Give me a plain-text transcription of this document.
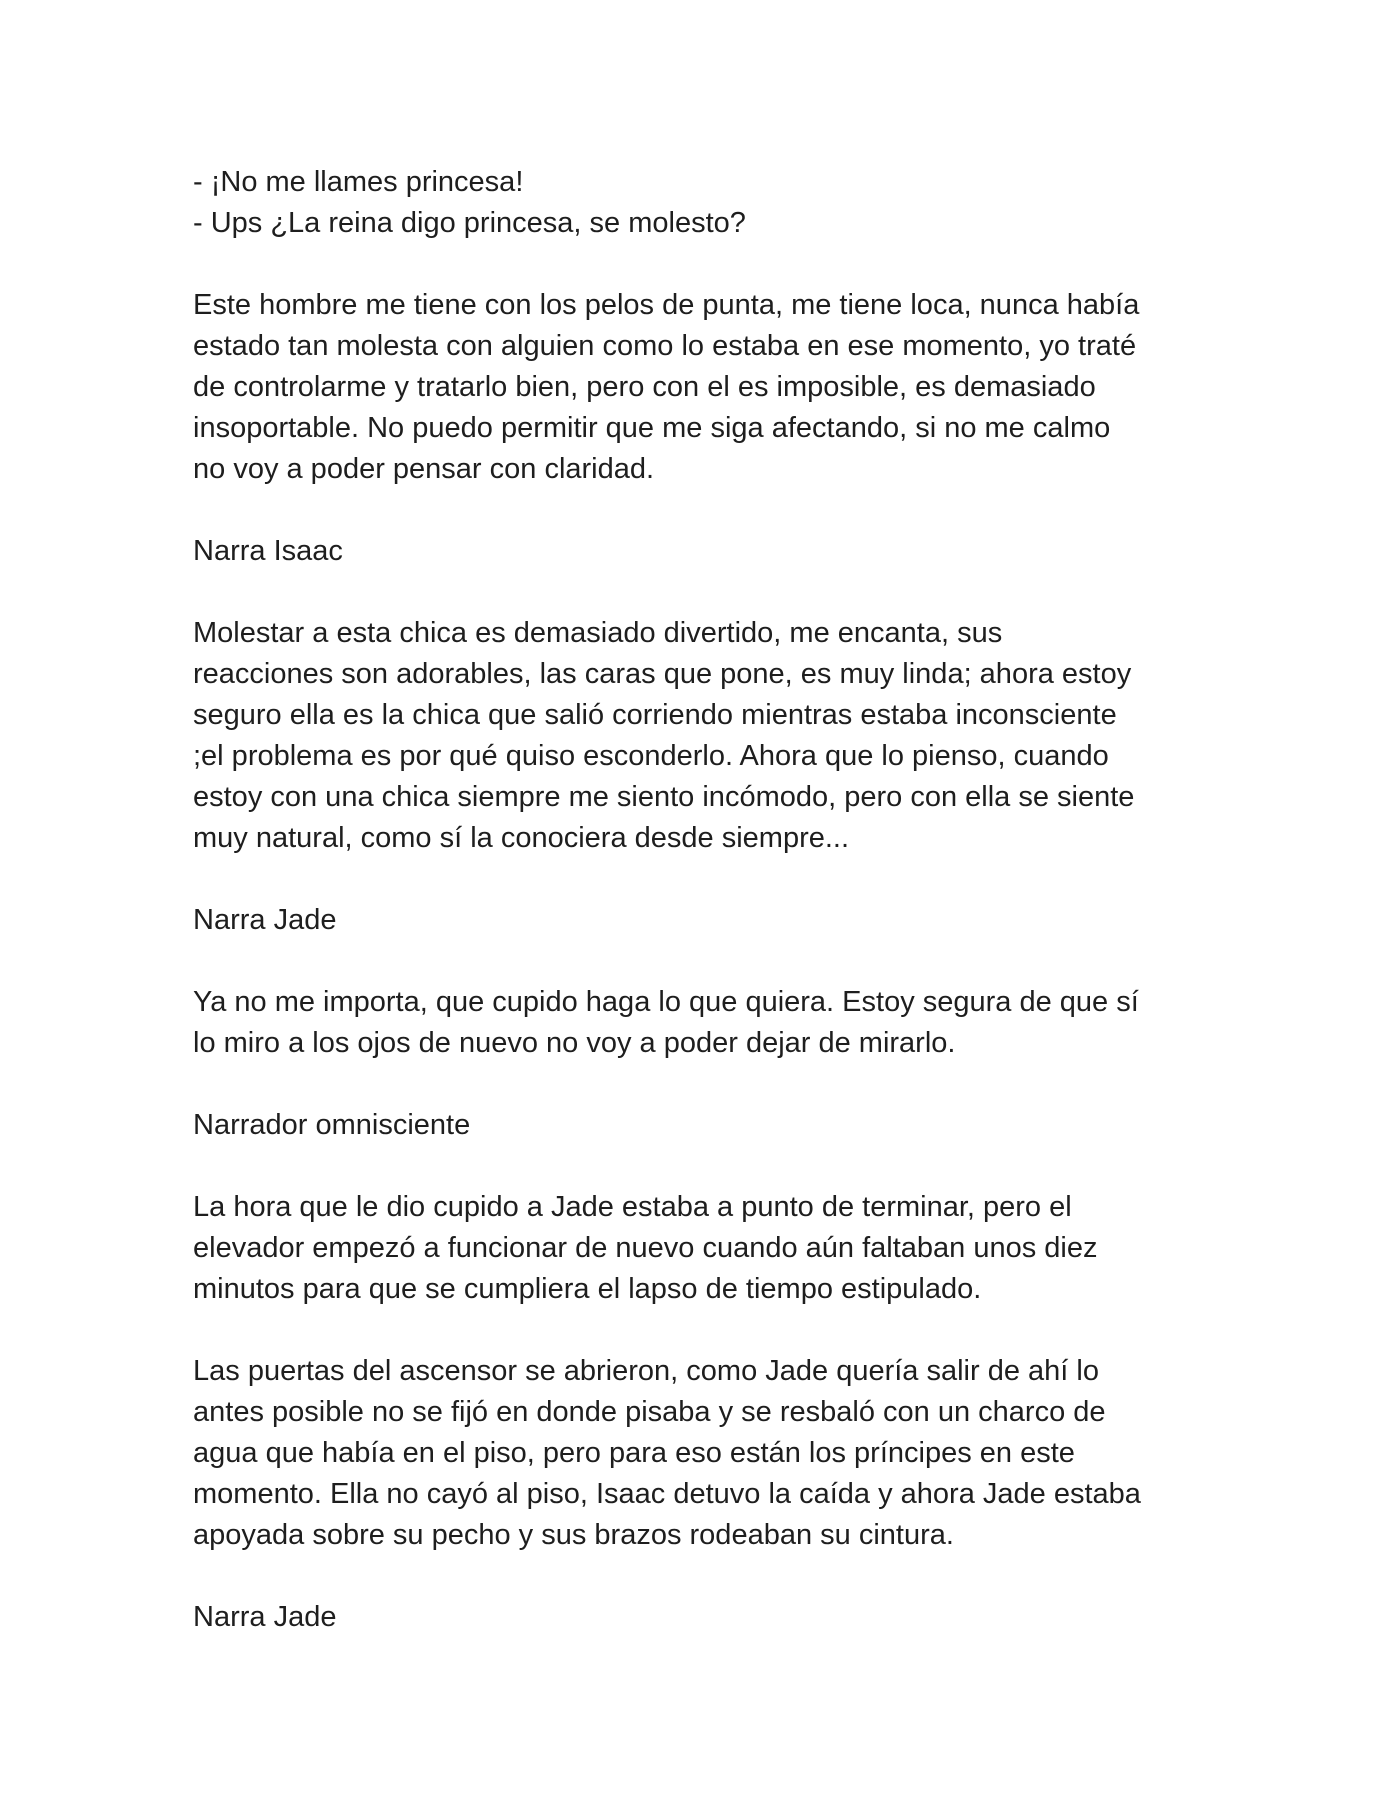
- ¡No me llames princesa!

- Ups ¿La reina digo princesa, se molesto?

Este hombre me tiene con los pelos de punta, me tiene loca, nunca había
estado tan molesta con alguien como lo estaba en ese momento, yo traté
de controlarme y tratarlo bien, pero con el es imposible, es demasiado
insoportable. No puedo permitir que me siga afectando, si no me calmo
no voy a poder pensar con claridad.

Narra Isaac

Molestar a esta chica es demasiado divertido, me encanta, sus
reacciones son adorables, las caras que pone, es muy linda; ahora estoy
seguro ella es la chica que salió corriendo mientras estaba inconsciente
;el problema es por qué quiso esconderlo. Ahora que lo pienso, cuando
estoy con una chica siempre me siento incómodo, pero con ella se siente
muy natural, como sí la conociera desde siempre...

Narra Jade

Ya no me importa, que cupido haga lo que quiera. Estoy segura de que sí
lo miro a los ojos de nuevo no voy a poder dejar de mirarlo.

Narrador omnisciente

La hora que le dio cupido a Jade estaba a punto de terminar, pero el
elevador empezó a funcionar de nuevo cuando aún faltaban unos diez
minutos para que se cumpliera el lapso de tiempo estipulado.

Las puertas del ascensor se abrieron, como Jade quería salir de ahí lo
antes posible no se fijó en donde pisaba y se resbaló con un charco de
agua que había en el piso, pero para eso están los príncipes en este
momento. Ella no cayó al piso, Isaac detuvo la caída y ahora Jade estaba
apoyada sobre su pecho y sus brazos rodeaban su cintura.

Narra Jade
